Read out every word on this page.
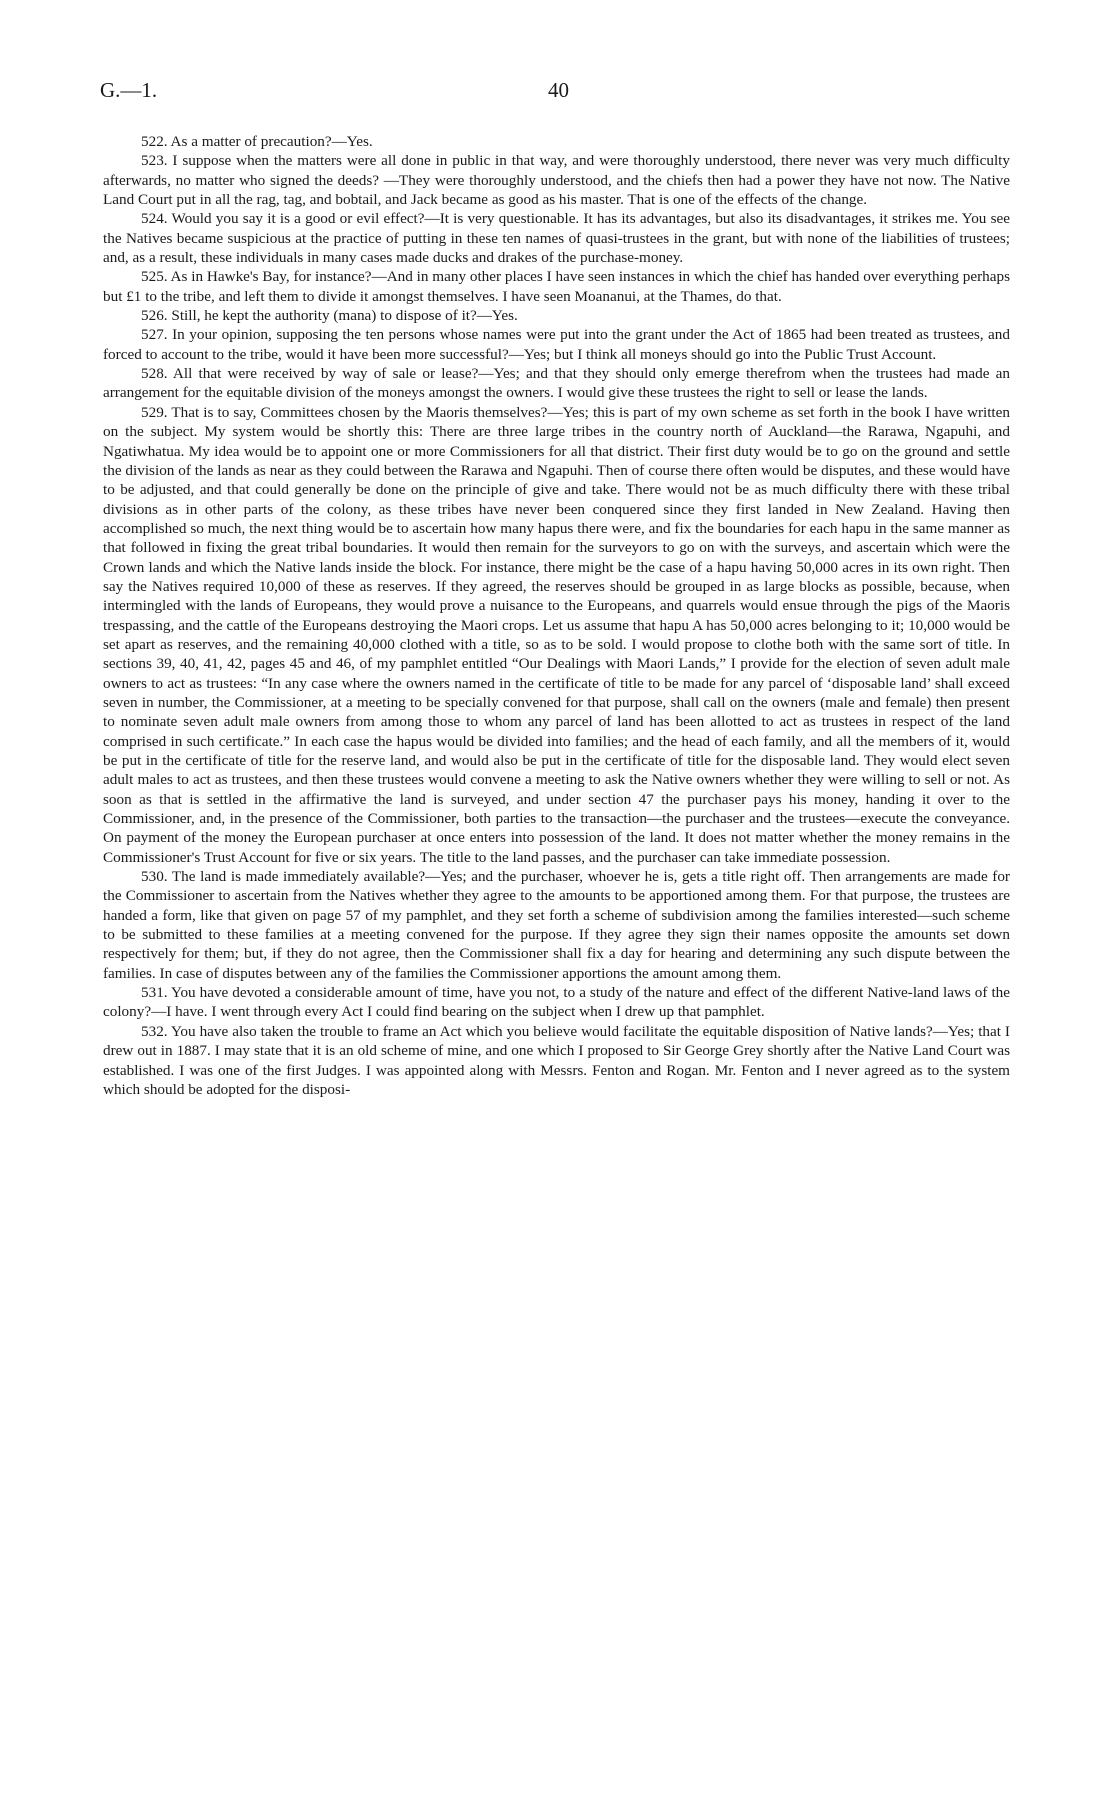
G.—1.	40

522. As a matter of precaution?—Yes.

523. I suppose when the matters were all done in public in that way, and were thoroughly understood, there never was very much difficulty afterwards, no matter who signed the deeds? —They were thoroughly understood, and the chiefs then had a power they have not now. The Native Land Court put in all the rag, tag, and bobtail, and Jack became as good as his master. That is one of the effects of the change.

524. Would you say it is a good or evil effect?—It is very questionable. It has its advantages, but also its disadvantages, it strikes me. You see the Natives became suspicious at the practice of putting in these ten names of quasi-trustees in the grant, but with none of the liabilities of trustees; and, as a result, these individuals in many cases made ducks and drakes of the purchase-money.

525. As in Hawke's Bay, for instance?—And in many other places I have seen instances in which the chief has handed over everything perhaps but £1 to the tribe, and left them to divide it amongst themselves. I have seen Moananui, at the Thames, do that.

526. Still, he kept the authority (mana) to dispose of it?—Yes.

527. In your opinion, supposing the ten persons whose names were put into the grant under the Act of 1865 had been treated as trustees, and forced to account to the tribe, would it have been more successful?—Yes; but I think all moneys should go into the Public Trust Account.

528. All that were received by way of sale or lease?—Yes; and that they should only emerge therefrom when the trustees had made an arrangement for the equitable division of the moneys amongst the owners. I would give these trustees the right to sell or lease the lands.

529. That is to say, Committees chosen by the Maoris themselves?—Yes; this is part of my own scheme as set forth in the book I have written on the subject. My system would be shortly this: There are three large tribes in the country north of Auckland—the Rarawa, Ngapuhi, and Ngatiwhatua. My idea would be to appoint one or more Commissioners for all that district. Their first duty would be to go on the ground and settle the division of the lands as near as they could between the Rarawa and Ngapuhi. Then of course there often would be disputes, and these would have to be adjusted, and that could generally be done on the principle of give and take. There would not be as much difficulty there with these tribal divisions as in other parts of the colony, as these tribes have never been conquered since they first landed in New Zealand. Having then accomplished so much, the next thing would be to ascertain how many hapus there were, and fix the boundaries for each hapu in the same manner as that followed in fixing the great tribal boundaries. It would then remain for the surveyors to go on with the surveys, and ascertain which were the Crown lands and which the Native lands inside the block. For instance, there might be the case of a hapu having 50,000 acres in its own right. Then say the Natives required 10,000 of these as reserves. If they agreed, the reserves should be grouped in as large blocks as possible, because, when intermingled with the lands of Europeans, they would prove a nuisance to the Europeans, and quarrels would ensue through the pigs of the Maoris trespassing, and the cattle of the Europeans destroying the Maori crops. Let us assume that hapu A has 50,000 acres belonging to it; 10,000 would be set apart as reserves, and the remaining 40,000 clothed with a title, so as to be sold. I would propose to clothe both with the same sort of title. In sections 39, 40, 41, 42, pages 45 and 46, of my pamphlet entitled “Our Dealings with Maori Lands,” I provide for the election of seven adult male owners to act as trustees: “In any case where the owners named in the certificate of title to be made for any parcel of ‘disposable land’ shall exceed seven in number, the Commissioner, at a meeting to be specially convened for that purpose, shall call on the owners (male and female) then present to nominate seven adult male owners from among those to whom any parcel of land has been allotted to act as trustees in respect of the land comprised in such certificate.” In each case the hapus would be divided into families; and the head of each family, and all the members of it, would be put in the certificate of title for the reserve land, and would also be put in the certificate of title for the disposable land. They would elect seven adult males to act as trustees, and then these trustees would convene a meeting to ask the Native owners whether they were willing to sell or not. As soon as that is settled in the affirmative the land is surveyed, and under section 47 the purchaser pays his money, handing it over to the Commissioner, and, in the presence of the Commissioner, both parties to the transaction—the purchaser and the trustees—execute the conveyance. On payment of the money the European purchaser at once enters into possession of the land. It does not matter whether the money remains in the Commissioner's Trust Account for five or six years. The title to the land passes, and the purchaser can take immediate possession.

530. The land is made immediately available?—Yes; and the purchaser, whoever he is, gets a title right off. Then arrangements are made for the Commissioner to ascertain from the Natives whether they agree to the amounts to be apportioned among them. For that purpose, the trustees are handed a form, like that given on page 57 of my pamphlet, and they set forth a scheme of subdivision among the families interested—such scheme to be submitted to these families at a meeting convened for the purpose. If they agree they sign their names opposite the amounts set down respectively for them; but, if they do not agree, then the Commissioner shall fix a day for hearing and determining any such dispute between the families. In case of disputes between any of the families the Commissioner apportions the amount among them.

531. You have devoted a considerable amount of time, have you not, to a study of the nature and effect of the different Native-land laws of the colony?—I have. I went through every Act I could find bearing on the subject when I drew up that pamphlet.

532. You have also taken the trouble to frame an Act which you believe would facilitate the equitable disposition of Native lands?—Yes; that I drew out in 1887. I may state that it is an old scheme of mine, and one which I proposed to Sir George Grey shortly after the Native Land Court was established. I was one of the first Judges. I was appointed along with Messrs. Fenton and Rogan. Mr. Fenton and I never agreed as to the system which should be adopted for the disposi-
